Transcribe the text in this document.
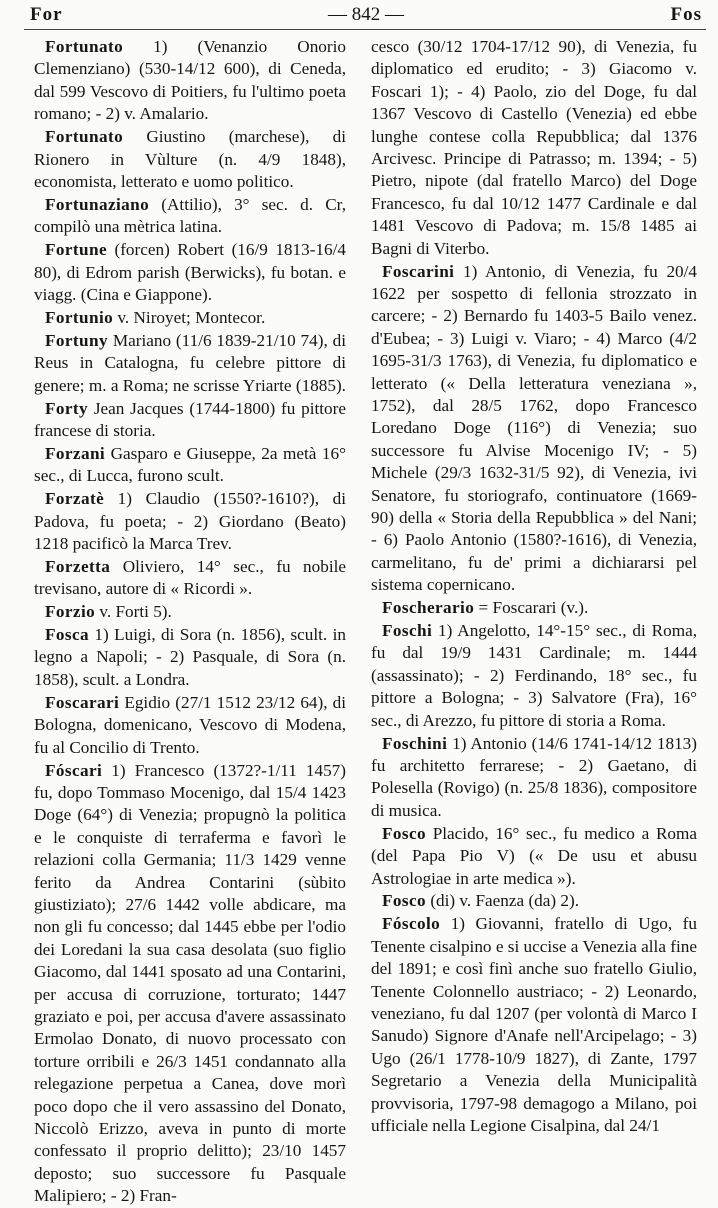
For	— 842 —	Fos

Fortunato 1) (Venanzio Onorio Clemenziano) (530-14/12 600), di Ceneda, dal 599 Vescovo di Poitiers, fu l'ultimo poeta romano; - 2) v. Amalario.

Fortunato Giustino (marchese), di Rionero in Vùlture (n. 4/9 1848), economista, letterato e uomo politico.

Fortunaziano (Attilio), 3° sec. d. Cr, compilò una mètrica latina.

Fortune (forcen) Robert (16/9 1813-16/4 80), di Edrom parish (Berwicks), fu botan. e viagg. (Cina e Giappone).

Fortunio v. Niroyet; Montecor.

Fortuny Mariano (11/6 1839-21/10 74), di Reus in Catalogna, fu celebre pittore di genere; m. a Roma; ne scrisse Yriarte (1885).

Forty Jean Jacques (1744-1800) fu pittore francese di storia.

Forzani Gasparo e Giuseppe, 2a metà 16° sec., di Lucca, furono scult.

Forzatè 1) Claudio (1550?-1610?), di Padova, fu poeta; - 2) Giordano (Beato) 1218 pacificò la Marca Trev.

Forzetta Oliviero, 14° sec., fu nobile trevisano, autore di « Ricordi ».

Forzio v. Forti 5).

Fosca 1) Luigi, di Sora (n. 1856), scult. in legno a Napoli; - 2) Pasquale, di Sora (n. 1858), scult. a Londra.

Foscarari Egidio (27/1 1512 23/12 64), di Bologna, domenicano, Vescovo di Modena, fu al Concilio di Trento.

Fóscari 1) Francesco (1372?-1/11 1457) fu, dopo Tommaso Mocenigo, dal 15/4 1423 Doge (64°) di Venezia; propugnò la politica e le conquiste di terraferma e favorì le relazioni colla Germania; 11/3 1429 venne ferito da Andrea Contarini (sùbito giustiziato); 27/6 1442 volle abdicare, ma non gli fu concesso; dal 1445 ebbe per l'odio dei Loredani la sua casa desolata (suo figlio Giacomo, dal 1441 sposato ad una Contarini, per accusa di corruzione, torturato; 1447 graziato e poi, per accusa d'avere assassinato Ermolao Donato, di nuovo processato con torture orribili e 26/3 1451 condannato alla relegazione perpetua a Canea, dove morì poco dopo che il vero assassino del Donato, Niccolò Erizzo, aveva in punto di morte confessato il proprio delitto); 23/10 1457 deposto; suo successore fu Pasquale Malipiero; - 2) Fran-

cesco (30/12 1704-17/12 90), di Venezia, fu diplomatico ed erudito; - 3) Giacomo v. Foscari 1); - 4) Paolo, zio del Doge, fu dal 1367 Vescovo di Castello (Venezia) ed ebbe lunghe contese colla Repubblica; dal 1376 Arcivesc. Principe di Patrasso; m. 1394; - 5) Pietro, nipote (dal fratello Marco) del Doge Francesco, fu dal 10/12 1477 Cardinale e dal 1481 Vescovo di Padova; m. 15/8 1485 ai Bagni di Viterbo.

Foscarini 1) Antonio, di Venezia, fu 20/4 1622 per sospetto di fellonia strozzato in carcere; - 2) Bernardo fu 1403-5 Bailo venez. d'Eubea; - 3) Luigi v. Viaro; - 4) Marco (4/2 1695-31/3 1763), di Venezia, fu diplomatico e letterato (« Della letteratura veneziana », 1752), dal 28/5 1762, dopo Francesco Loredano Doge (116°) di Venezia; suo successore fu Alvise Mocenigo IV; - 5) Michele (29/3 1632-31/5 92), di Venezia, ivi Senatore, fu storiografo, continuatore (1669-90) della « Storia della Repubblica » del Nani; - 6) Paolo Antonio (1580?-1616), di Venezia, carmelitano, fu de' primi a dichiararsi pel sistema copernicano.

Foscherario = Foscarari (v.).

Foschi 1) Angelotto, 14°-15° sec., di Roma, fu dal 19/9 1431 Cardinale; m. 1444 (assassinato); - 2) Ferdinando, 18° sec., fu pittore a Bologna; - 3) Salvatore (Fra), 16° sec., di Arezzo, fu pittore di storia a Roma.

Foschini 1) Antonio (14/6 1741-14/12 1813) fu architetto ferrarese; - 2) Gaetano, di Polesella (Rovigo) (n. 25/8 1836), compositore di musica.

Fosco Placido, 16° sec., fu medico a Roma (del Papa Pio V) (« De usu et abusu Astrologiae in arte medica »).

Fosco (di) v. Faenza (da) 2).

Fóscolo 1) Giovanni, fratello di Ugo, fu Tenente cisalpino e si uccise a Venezia alla fine del 1891; e così finì anche suo fratello Giulio, Tenente Colonnello austriaco; - 2) Leonardo, veneziano, fu dal 1207 (per volontà di Marco I Sanudo) Signore d'Anafe nell'Arcipelago; - 3) Ugo (26/1 1778-10/9 1827), di Zante, 1797 Segretario a Venezia della Municipalità provvisoria, 1797-98 demagogo a Milano, poi ufficiale nella Legione Cisalpina, dal 24/1
